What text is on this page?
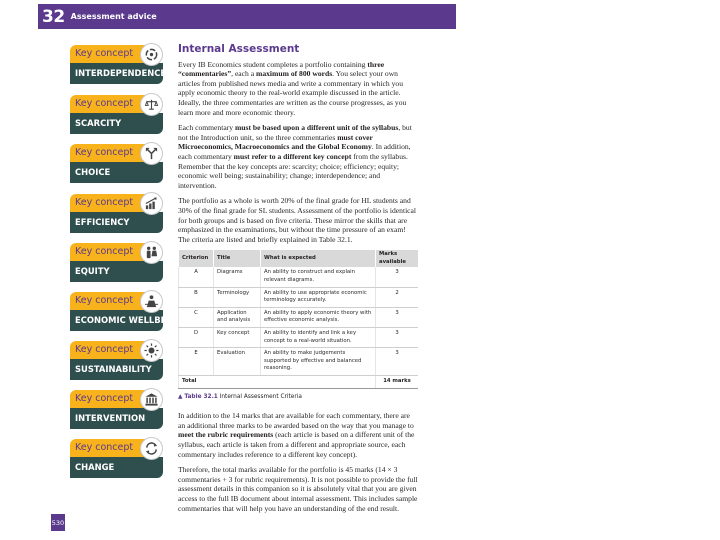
32 Assessment advice
Key concept
INTERDEPENDENCE
Key concept
SCARCITY
Key concept
CHOICE
Key concept
EFFICIENCY
Key concept
EQUITY
Key concept
ECONOMIC WELLBEING
Key concept
SUSTAINABILITY
Key concept
INTERVENTION
Key concept
CHANGE
Internal Assessment

Every IB Economics student completes a portfolio containing three “commentaries”, each a maximum of 800 words. You select your own articles from published news media and write a commentary in which you apply economic theory to the real-world example discussed in the article. Ideally, the three commentaries are written as the course progresses, as you learn more and more economic theory.

Each commentary must be based upon a different unit of the syllabus, but not the Introduction unit, so the three commentaries must cover Microeconomics, Macroeconomics and the Global Economy. In addition, each commentary must refer to a different key concept from the syllabus. Remember that the key concepts are: scarcity; choice; efficiency; equity; economic well being; sustainability; change; interdependence; and intervention.

The portfolio as a whole is worth 20% of the final grade for HL students and 30% of the final grade for SL students. Assessment of the portfolio is identical for both groups and is based on five criteria. These mirror the skills that are emphasized in the examinations, but without the time pressure of an exam! The criteria are listed and briefly explained in Table 32.1.

Criterion	Title	What is expected	Marks available
A	Diagrams	An ability to construct and explain relevant diagrams.	3
B	Terminology	An ability to use appropriate economic terminology accurately.	2
C	Application and analysis	An ability to apply economic theory with effective economic analysis.	3
D	Key concept	An ability to identify and link a key concept to a real-world situation.	3
E	Evaluation	An ability to make judgements supported by effective and balanced reasoning.	3
Total			14 marks
▲ Table 32.1 Internal Assessment Criteria

In addition to the 14 marks that are available for each commentary, there are an additional three marks to be awarded based on the way that you manage to meet the rubric requirements (each article is based on a different unit of the syllabus, each article is taken from a different and appropriate source, each commentary includes reference to a different key concept).

Therefore, the total marks available for the portfolio is 45 marks (14 × 3 commentaries + 3 for rubric requirements). It is not possible to provide the full assessment details in this companion so it is absolutely vital that you are given access to the full IB document about internal assessment. This includes sample commentaries that will help you have an understanding of the end result.

530
